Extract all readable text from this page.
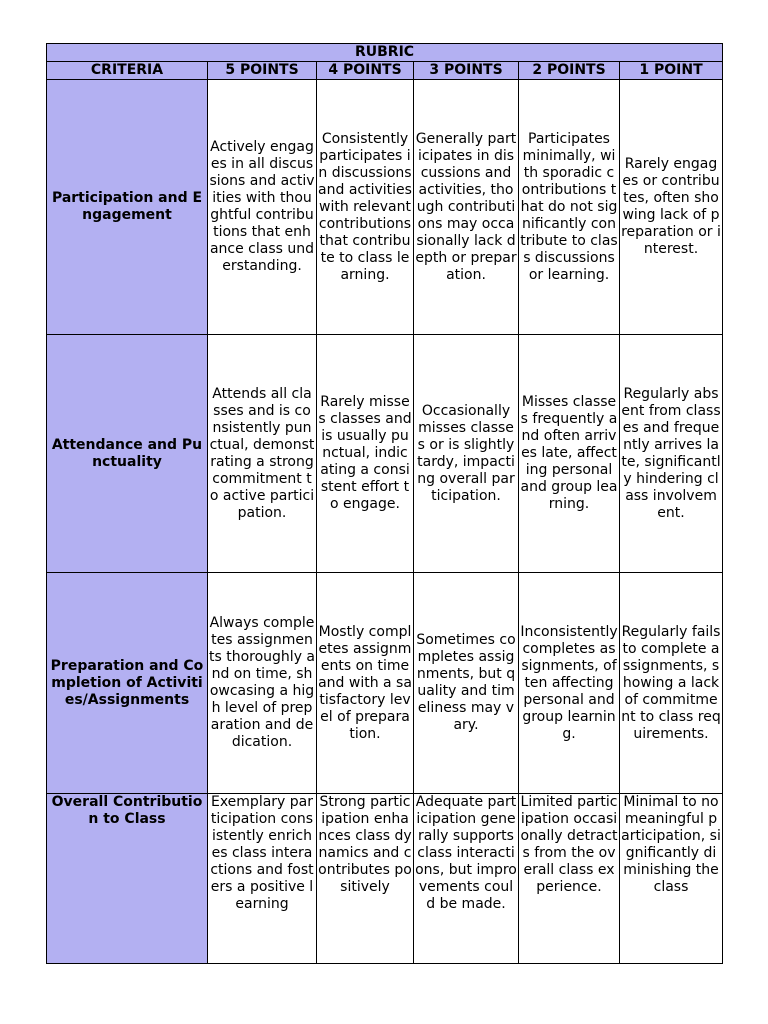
RUBRIC					
CRITERIA	5 POINTS	4 POINTS	3 POINTS	2 POINTS	1 POINT
Participation and Engagement	Actively engages in all discussions and activities with thoughtful contributions that enhance class understanding.	Consistently participates in discussions and activities with relevant contributions that contribute to class learning.	Generally participates in discussions and activities, though contributions may occasionally lack depth or preparation.	Participates minimally, with sporadic contributions that do not significantly contribute to class discussions or learning.	Rarely engages or contributes, often showing lack of preparation or interest.
Attendance and Punctuality	Attends all classes and is consistently punctual, demonstrating a strong commitment to active participation.	Rarely misses classes and is usually punctual, indicating a consistent effort to engage.	Occasionally misses classes or is slightly tardy, impacting overall participation.	Misses classes frequently and often arrives late, affecting personal and group learning.	Regularly absent from classes and frequently arrives late, significantly hindering class involvement.
Preparation and Completion of Activities/Assignments	Always completes assignments thoroughly and on time, showcasing a high level of preparation and dedication.	Mostly completes assignments on time and with a satisfactory level of preparation.	Sometimes completes assignments, but quality and timeliness may vary.	Inconsistently completes assignments, often affecting personal and group learning.	Regularly fails to complete assignments, showing a lack of commitment to class requirements.
Overall Contribution to Class	Exemplary participation consistently enriches class interactions and fosters a positive learning	Strong participation enhances class dynamics and contributes positively	Adequate participation generally supports class interactions, but improvements could be made.	Limited participation occasionally detracts from the overall class experience.	Minimal to no meaningful participation, significantly diminishing the class
